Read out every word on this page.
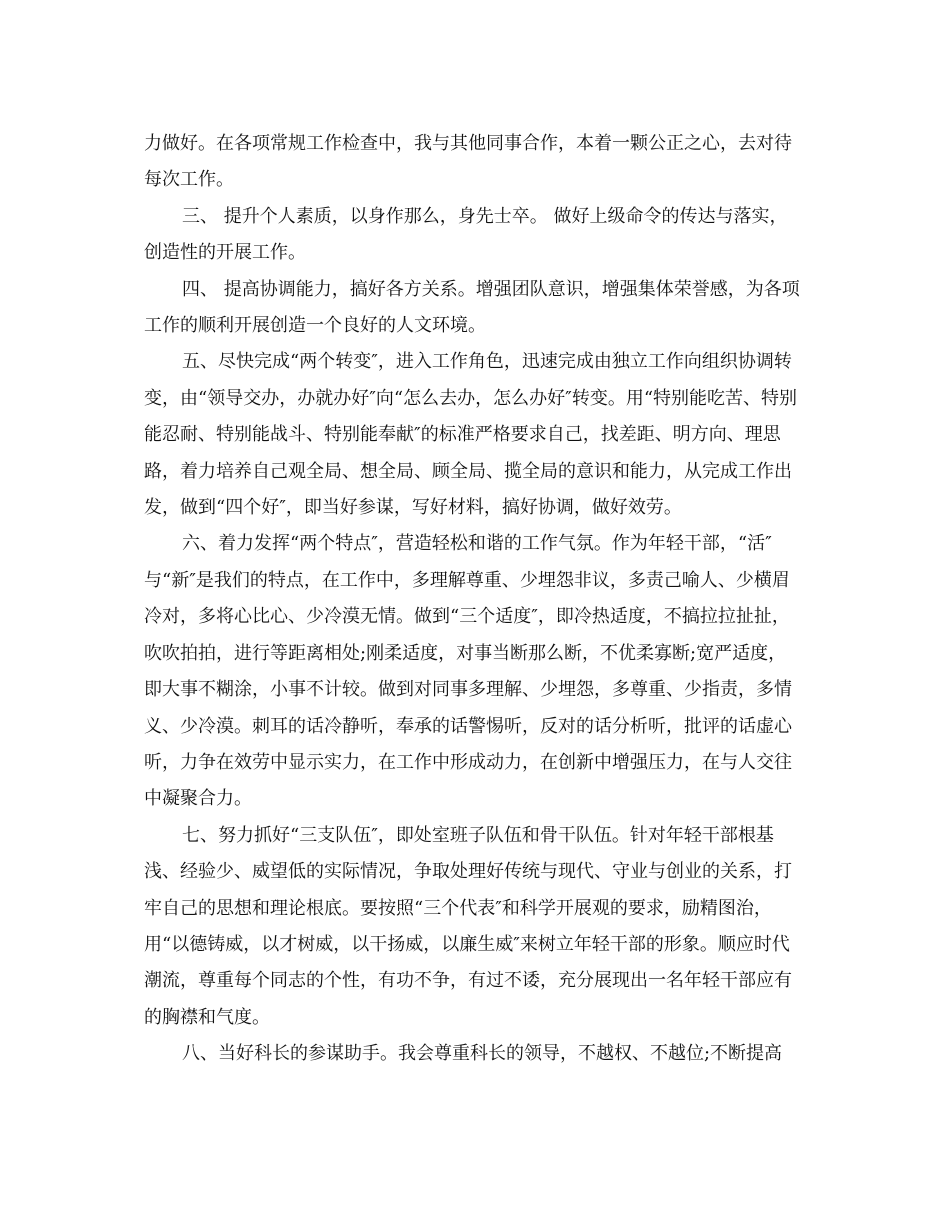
力做好。在各项常规工作检查中，我与其他同事合作，本着一颗公正之心，去对待每次工作。

三、 提升个人素质，以身作那么，身先士卒。 做好上级命令的传达与落实，创造性的开展工作。

四、 提高协调能力，搞好各方关系。增强团队意识，增强集体荣誉感，为各项工作的顺利开展创造一个良好的人文环境。

五、尽快完成“两个转变″，进入工作角色，迅速完成由独立工作向组织协调转变，由“领导交办，办就办好″向“怎么去办，怎么办好″转变。用“特别能吃苦、特别能忍耐、特别能战斗、特别能奉献″的标准严格要求自己，找差距、明方向、理思路，着力培养自己观全局、想全局、顾全局、揽全局的意识和能力，从完成工作出发，做到“四个好″，即当好参谋，写好材料，搞好协调，做好效劳。

六、着力发挥“两个特点″，营造轻松和谐的工作气氛。作为年轻干部，“活″与“新″是我们的特点，在工作中，多理解尊重、少埋怨非议，多责己喻人、少横眉冷对，多将心比心、少冷漠无情。做到“三个适度″，即冷热适度，不搞拉拉扯扯，吹吹拍拍，进行等距离相处;刚柔适度，对事当断那么断，不优柔寡断;宽严适度，即大事不糊涂，小事不计较。做到对同事多理解、少埋怨，多尊重、少指责，多情义、少冷漠。刺耳的话冷静听，奉承的话警惕听，反对的话分析听，批评的话虚心听，力争在效劳中显示实力，在工作中形成动力，在创新中增强压力，在与人交往中凝聚合力。

七、努力抓好“三支队伍″，即处室班子队伍和骨干队伍。针对年轻干部根基浅、经验少、威望低的实际情况，争取处理好传统与现代、守业与创业的关系，打牢自己的思想和理论根底。要按照“三个代表″和科学开展观的要求，励精图治，用“以德铸威，以才树威，以干扬威，以廉生威″来树立年轻干部的形象。顺应时代潮流，尊重每个同志的个性，有功不争，有过不诿，充分展现出一名年轻干部应有的胸襟和气度。

八、当好科长的参谋助手。我会尊重科长的领导，不越权、不越位;不断提高
